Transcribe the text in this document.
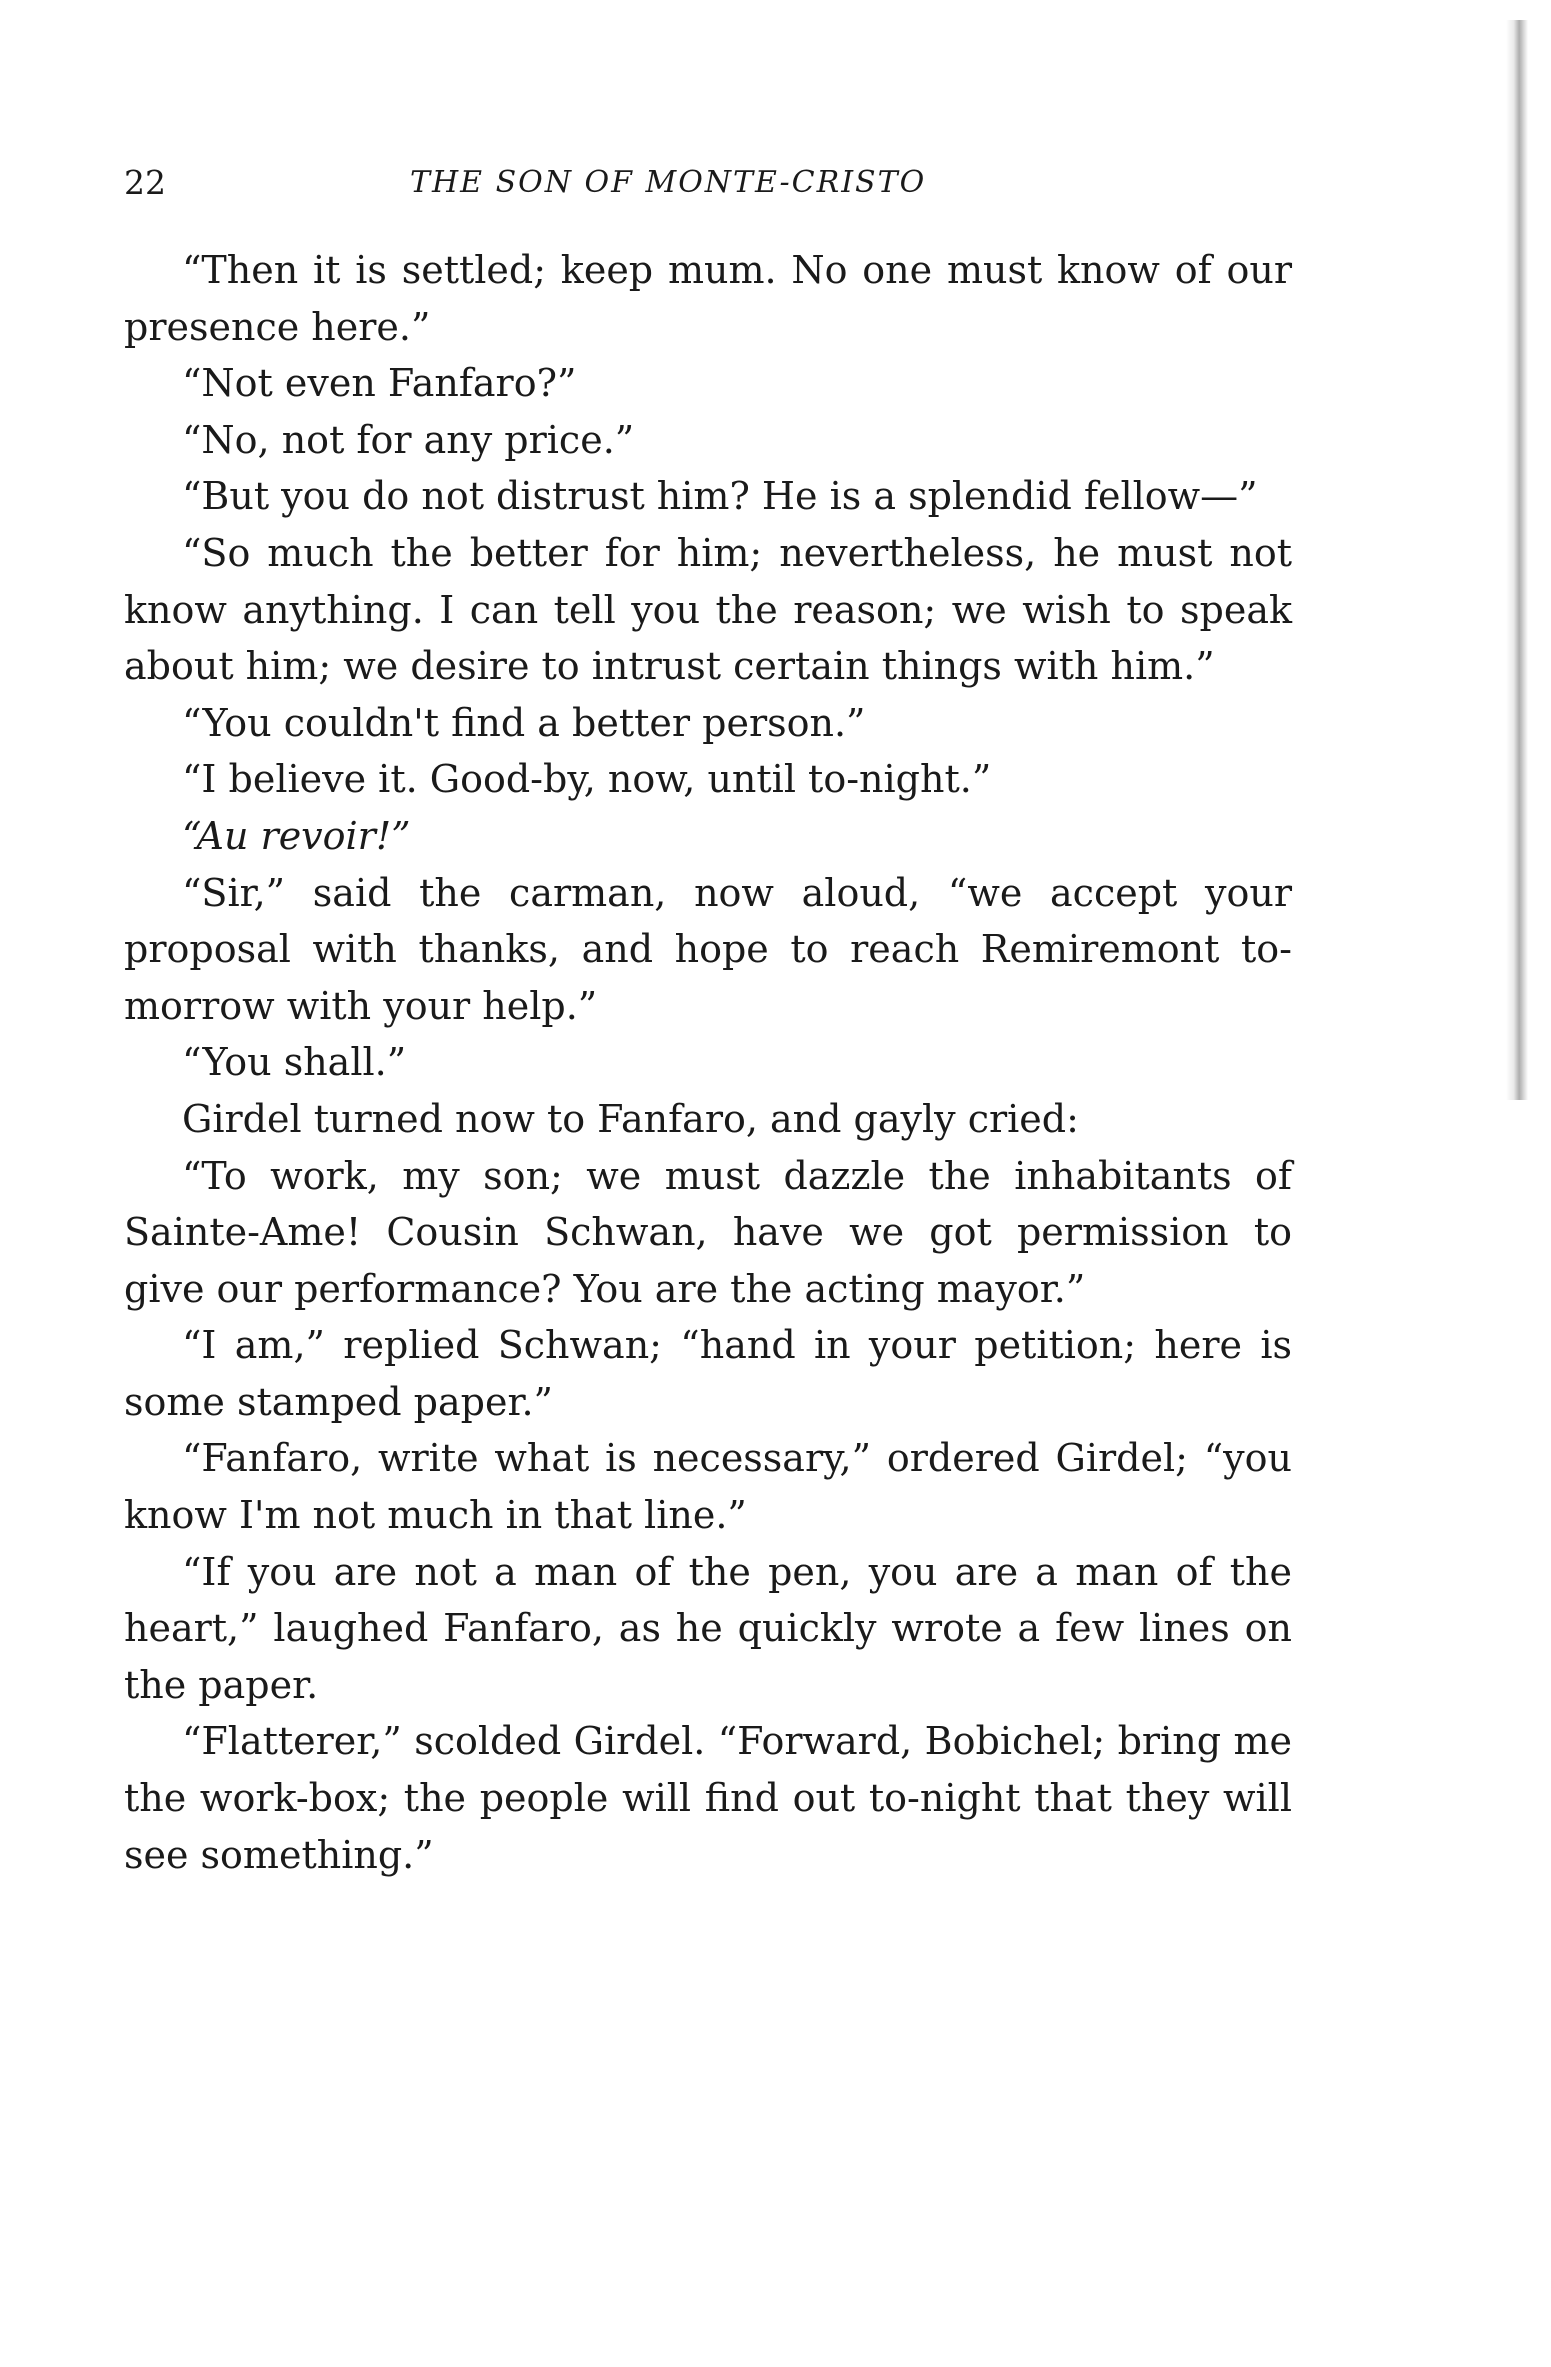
22	THE SON OF MONTE-CRISTO

“Then it is settled; keep mum. No one must know of our presence here.”

“Not even Fanfaro?”

“No, not for any price.”

“But you do not distrust him? He is a splendid fellow—”

“So much the better for him; nevertheless, he must not know anything. I can tell you the reason; we wish to speak about him; we desire to intrust certain things with him.”

“You couldn't find a better person.”

“I believe it. Good-by, now, until to-night.”

“Au revoir!”

“Sir,” said the carman, now aloud, “we accept your proposal with thanks, and hope to reach Remiremont to-morrow with your help.”

“You shall.”

Girdel turned now to Fanfaro, and gayly cried:

“To work, my son; we must dazzle the inhabitants of Sainte-Ame! Cousin Schwan, have we got permission to give our performance? You are the acting mayor.”

“I am,” replied Schwan; “hand in your petition; here is some stamped paper.”

“Fanfaro, write what is necessary,” ordered Girdel; “you know I'm not much in that line.”

“If you are not a man of the pen, you are a man of the heart,” laughed Fanfaro, as he quickly wrote a few lines on the paper.

“Flatterer,” scolded Girdel. “Forward, Bobichel; bring me the work-box; the people will find out to-night that they will see something.”
